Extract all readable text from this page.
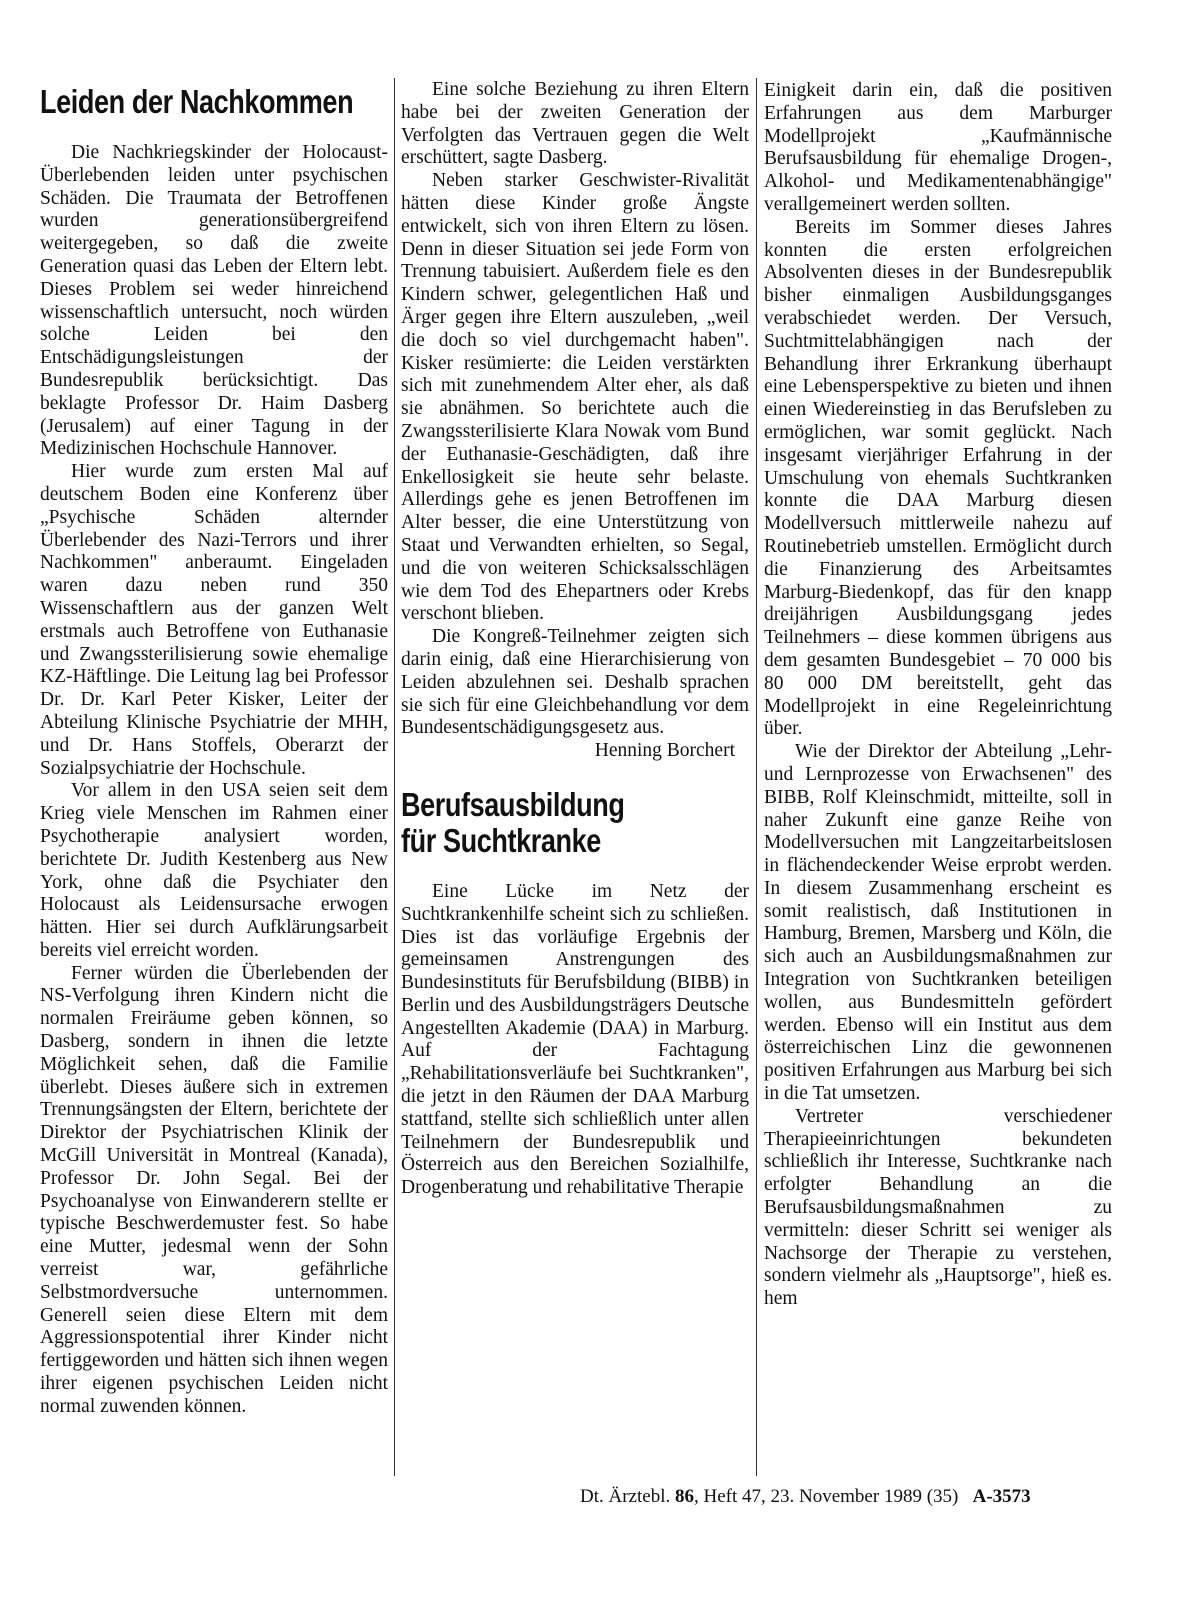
Leiden der Nachkommen

Die Nachkriegskinder der Holocaust-Überlebenden leiden unter psychischen Schäden. Die Traumata der Betroffenen wurden generationsübergreifend weitergegeben, so daß die zweite Generation quasi das Leben der Eltern lebt. Dieses Problem sei weder hinreichend wissenschaftlich untersucht, noch würden solche Leiden bei den Entschädigungsleistungen der Bundesrepublik berücksichtigt. Das beklagte Professor Dr. Haim Dasberg (Jerusalem) auf einer Tagung in der Medizinischen Hochschule Hannover.

Hier wurde zum ersten Mal auf deutschem Boden eine Konferenz über „Psychische Schäden alternder Überlebender des Nazi-Terrors und ihrer Nachkommen" anberaumt. Eingeladen waren dazu neben rund 350 Wissenschaftlern aus der ganzen Welt erstmals auch Betroffene von Euthanasie und Zwangssterilisierung sowie ehemalige KZ-Häftlinge. Die Leitung lag bei Professor Dr. Dr. Karl Peter Kisker, Leiter der Abteilung Klinische Psychiatrie der MHH, und Dr. Hans Stoffels, Oberarzt der Sozialpsychiatrie der Hochschule.

Vor allem in den USA seien seit dem Krieg viele Menschen im Rahmen einer Psychotherapie analysiert worden, berichtete Dr. Judith Kestenberg aus New York, ohne daß die Psychiater den Holocaust als Leidensursache erwogen hätten. Hier sei durch Aufklärungsarbeit bereits viel erreicht worden.

Ferner würden die Überlebenden der NS-Verfolgung ihren Kindern nicht die normalen Freiräume geben können, so Dasberg, sondern in ihnen die letzte Möglichkeit sehen, daß die Familie überlebt. Dieses äußere sich in extremen Trennungsängsten der Eltern, berichtete der Direktor der Psychiatrischen Klinik der McGill Universität in Montreal (Kanada), Professor Dr. John Segal. Bei der Psychoanalyse von Einwanderern stellte er typische Beschwerdemuster fest. So habe eine Mutter, jedesmal wenn der Sohn verreist war, gefährliche Selbstmordversuche unternommen. Generell seien diese Eltern mit dem Aggressionspotential ihrer Kinder nicht fertiggeworden und hätten sich ihnen wegen ihrer eigenen psychischen Leiden nicht normal zuwenden können.

Eine solche Beziehung zu ihren Eltern habe bei der zweiten Generation der Verfolgten das Vertrauen gegen die Welt erschüttert, sagte Dasberg.

Neben starker Geschwister-Rivalität hätten diese Kinder große Ängste entwickelt, sich von ihren Eltern zu lösen. Denn in dieser Situation sei jede Form von Trennung tabuisiert. Außerdem fiele es den Kindern schwer, gelegentlichen Haß und Ärger gegen ihre Eltern auszuleben, „weil die doch so viel durchgemacht haben". Kisker resümierte: die Leiden verstärkten sich mit zunehmendem Alter eher, als daß sie abnähmen. So berichtete auch die Zwangssterilisierte Klara Nowak vom Bund der Euthanasie-Geschädigten, daß ihre Enkellosigkeit sie heute sehr belaste. Allerdings gehe es jenen Betroffenen im Alter besser, die eine Unterstützung von Staat und Verwandten erhielten, so Segal, und die von weiteren Schicksalsschlägen wie dem Tod des Ehepartners oder Krebs verschont blieben.

Die Kongreß-Teilnehmer zeigten sich darin einig, daß eine Hierarchisierung von Leiden abzulehnen sei. Deshalb sprachen sie sich für eine Gleichbehandlung vor dem Bundesentschädigungsgesetz aus.

Henning Borchert

Berufsausbildung
für Suchtkranke

Eine Lücke im Netz der Suchtkrankenhilfe scheint sich zu schließen. Dies ist das vorläufige Ergebnis der gemeinsamen Anstrengungen des Bundesinstituts für Berufsbildung (BIBB) in Berlin und des Ausbildungsträgers Deutsche Angestellten Akademie (DAA) in Marburg. Auf der Fachtagung „Rehabilitationsverläufe bei Suchtkranken", die jetzt in den Räumen der DAA Marburg stattfand, stellte sich schließlich unter allen Teilnehmern der Bundesrepublik und Österreich aus den Bereichen Sozialhilfe, Drogenberatung und rehabilitative Therapie

Einigkeit darin ein, daß die positiven Erfahrungen aus dem Marburger Modellprojekt „Kaufmännische Berufsausbildung für ehemalige Drogen-, Alkohol- und Medikamentenabhängige" verallgemeinert werden sollten.

Bereits im Sommer dieses Jahres konnten die ersten erfolgreichen Absolventen dieses in der Bundesrepublik bisher einmaligen Ausbildungsganges verabschiedet werden. Der Versuch, Suchtmittelabhängigen nach der Behandlung ihrer Erkrankung überhaupt eine Lebensperspektive zu bieten und ihnen einen Wiedereinstieg in das Berufsleben zu ermöglichen, war somit geglückt. Nach insgesamt vierjähriger Erfahrung in der Umschulung von ehemals Suchtkranken konnte die DAA Marburg diesen Modellversuch mittlerweile nahezu auf Routinebetrieb umstellen. Ermöglicht durch die Finanzierung des Arbeitsamtes Marburg-Biedenkopf, das für den knapp dreijährigen Ausbildungsgang jedes Teilnehmers – diese kommen übrigens aus dem gesamten Bundesgebiet – 70 000 bis 80 000 DM bereitstellt, geht das Modellprojekt in eine Regeleinrichtung über.

Wie der Direktor der Abteilung „Lehr- und Lernprozesse von Erwachsenen" des BIBB, Rolf Kleinschmidt, mitteilte, soll in naher Zukunft eine ganze Reihe von Modellversuchen mit Langzeitarbeitslosen in flächendeckender Weise erprobt werden. In diesem Zusammenhang erscheint es somit realistisch, daß Institutionen in Hamburg, Bremen, Marsberg und Köln, die sich auch an Ausbildungsmaßnahmen zur Integration von Suchtkranken beteiligen wollen, aus Bundesmitteln gefördert werden. Ebenso will ein Institut aus dem österreichischen Linz die gewonnenen positiven Erfahrungen aus Marburg bei sich in die Tat umsetzen.

Vertreter verschiedener Therapieeinrichtungen bekundeten schließlich ihr Interesse, Suchtkranke nach erfolgter Behandlung an die Berufsausbildungsmaßnahmen zu vermitteln: dieser Schritt sei weniger als Nachsorge der Therapie zu verstehen, sondern vielmehr als „Hauptsorge", hieß es. hem

Dt. Ärztebl. 86, Heft 47, 23. November 1989 (35) A-3573
